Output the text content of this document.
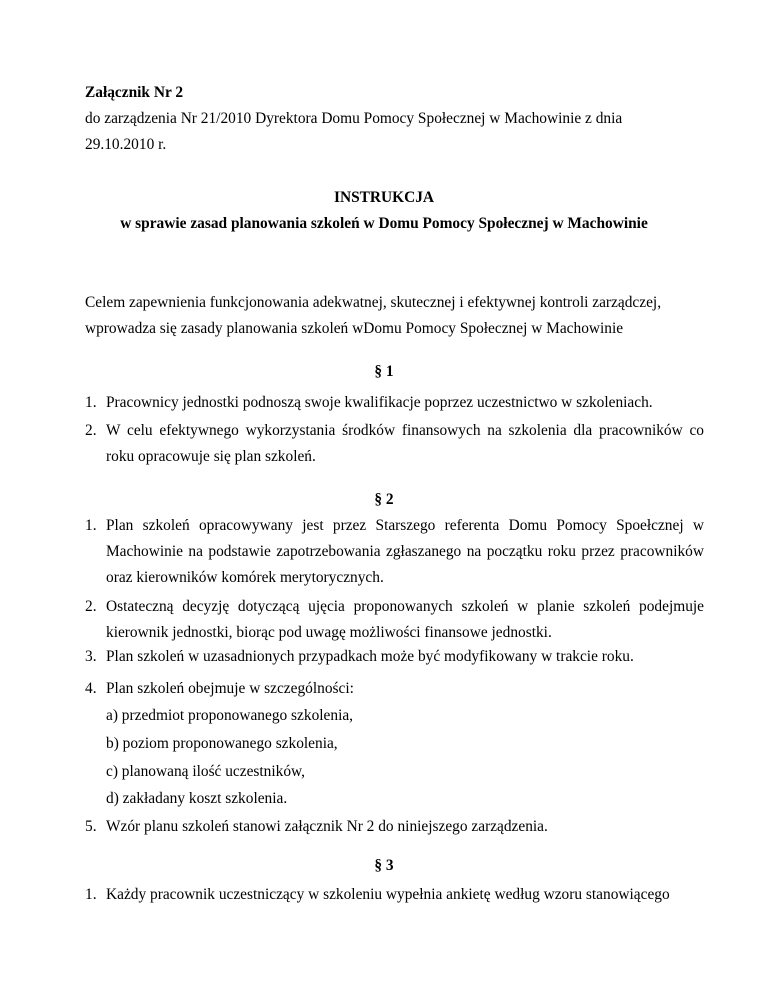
Załącznik Nr 2

do zarządzenia Nr 21/2010 Dyrektora Domu Pomocy Społecznej w Machowinie z dnia
29.10.2010 r.

INSTRUKCJA

w sprawie zasad planowania szkoleń w Domu Pomocy Społecznej w Machowinie

Celem zapewnienia funkcjonowania adekwatnej, skutecznej i efektywnej kontroli zarządczej,
wprowadza się zasady planowania szkoleń wDomu Pomocy Społecznej w Machowinie

§ 1

1. Pracownicy jednostki podnoszą swoje kwalifikacje poprzez uczestnictwo w szkoleniach.

2. W celu efektywnego wykorzystania środków finansowych na szkolenia dla pracowników co roku opracowuje się plan szkoleń.

§ 2

1. Plan szkoleń opracowywany jest przez Starszego referenta Domu Pomocy Spoełcznej w Machowinie na podstawie zapotrzebowania zgłaszanego na początku roku przez pracowników oraz kierowników komórek merytorycznych.

2. Ostateczną decyzję dotyczącą ujęcia proponowanych szkoleń w planie szkoleń podejmuje kierownik jednostki, biorąc pod uwagę możliwości finansowe jednostki.

3. Plan szkoleń w uzasadnionych przypadkach może być modyfikowany w trakcie roku.

4. Plan szkoleń obejmuje w szczególności:

a) przedmiot proponowanego szkolenia,

b) poziom proponowanego szkolenia,

c) planowaną ilość uczestników,

d) zakładany koszt szkolenia.

5. Wzór planu szkoleń stanowi załącznik Nr 2 do niniejszego zarządzenia.

§ 3

1. Każdy pracownik uczestniczący w szkoleniu wypełnia ankietę według wzoru stanowiącego
